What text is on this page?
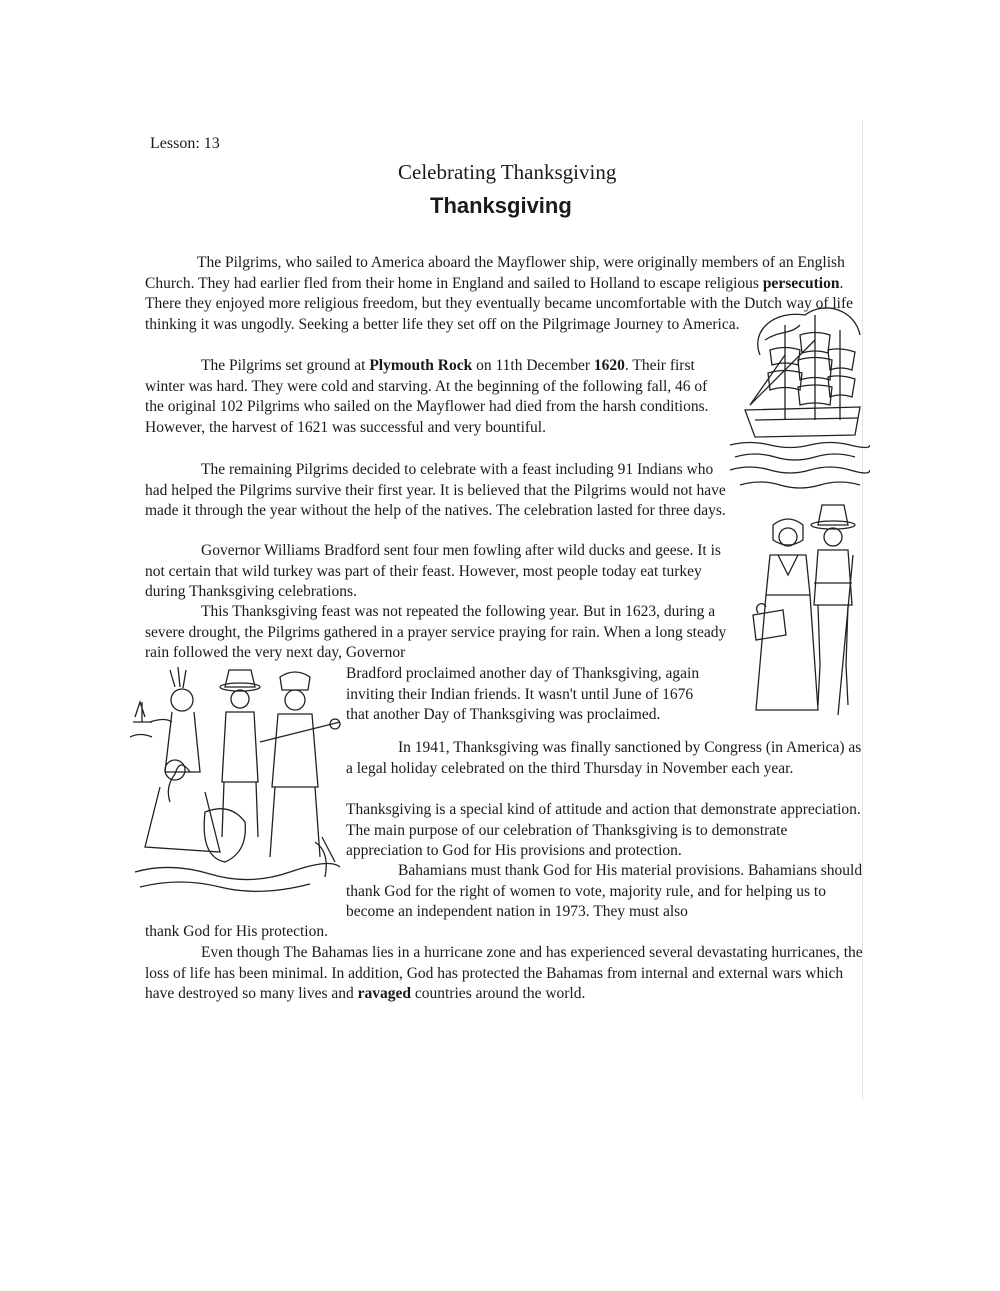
Lesson: 13
Celebrating Thanksgiving
Thanksgiving

The Pilgrims, who sailed to America aboard the Mayflower ship, were originally members of an English Church. They had earlier fled from their home in England and sailed to Holland to escape religious persecution. There they enjoyed more religious freedom, but they eventually became uncomfortable with the Dutch way of life thinking it was ungodly. Seeking a better life they set off on the Pilgrimage Journey to America.

The Pilgrims set ground at Plymouth Rock on 11th December 1620. Their first winter was hard. They were cold and starving. At the beginning of the following fall, 46 of the original 102 Pilgrims who sailed on the Mayflower had died from the harsh conditions. However, the harvest of 1621 was successful and very bountiful.

The remaining Pilgrims decided to celebrate with a feast including 91 Indians who had helped the Pilgrims survive their first year. It is believed that the Pilgrims would not have made it through the year without the help of the natives. The celebration lasted for three days.

Governor Williams Bradford sent four men fowling after wild ducks and geese. It is not certain that wild turkey was part of their feast. However, most people today eat turkey during Thanksgiving celebrations.

This Thanksgiving feast was not repeated the following year. But in 1623, during a severe drought, the Pilgrims gathered in a prayer service praying for rain. When a long steady rain followed the very next day, Governor

Bradford proclaimed another day of Thanksgiving, again inviting their Indian friends. It wasn't until June of 1676 that another Day of Thanksgiving was proclaimed.

In 1941, Thanksgiving was finally sanctioned by Congress (in America) as a legal holiday celebrated on the third Thursday in November each year.

Thanksgiving is a special kind of attitude and action that demonstrate appreciation. The main purpose of our celebration of Thanksgiving is to demonstrate appreciation to God for His provisions and protection.

Bahamians must thank God for His material provisions. Bahamians should thank God for the right of women to vote, majority rule, and for helping us to become an independent nation in 1973. They must also

thank God for His protection.

Even though The Bahamas lies in a hurricane zone and has experienced several devastating hurricanes, the loss of life has been minimal. In addition, God has protected the Bahamas from internal and external wars which have destroyed so many lives and ravaged countries around the world.
